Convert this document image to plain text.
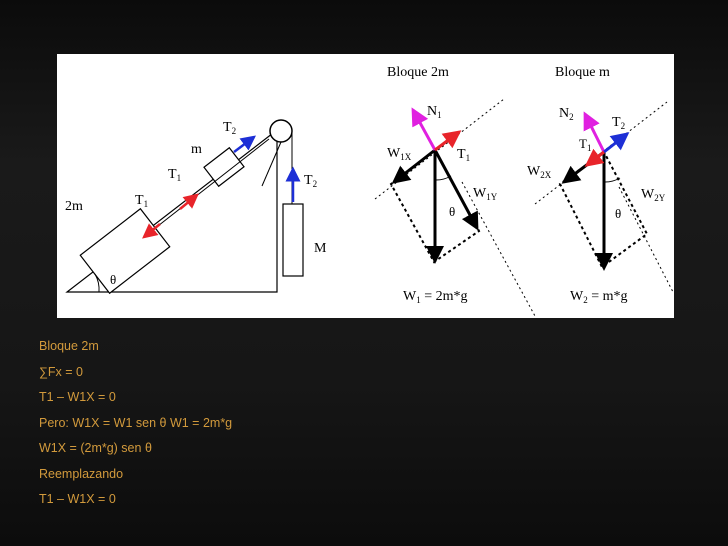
2m
m
M
θ
$T_1$
$T_1$
$T_2$
$T_2$
Bloque 2m
θ
$N_1$
$W_{1X}$	$T_1$
$W_{1Y}$
$W_1 = 2m*g$
Bloque m
θ
$N_2$	$T_2$
$T_1$
$W_{2X}$
$W_{2Y}$
$W_2 = m*g$
Bloque 2m
∑Fx = 0
T1 – W1X = 0
Pero: W1X = W1 sen θ W1 = 2m*g
W1X = (2m*g) sen θ
Reemplazando
T1 – W1X = 0
